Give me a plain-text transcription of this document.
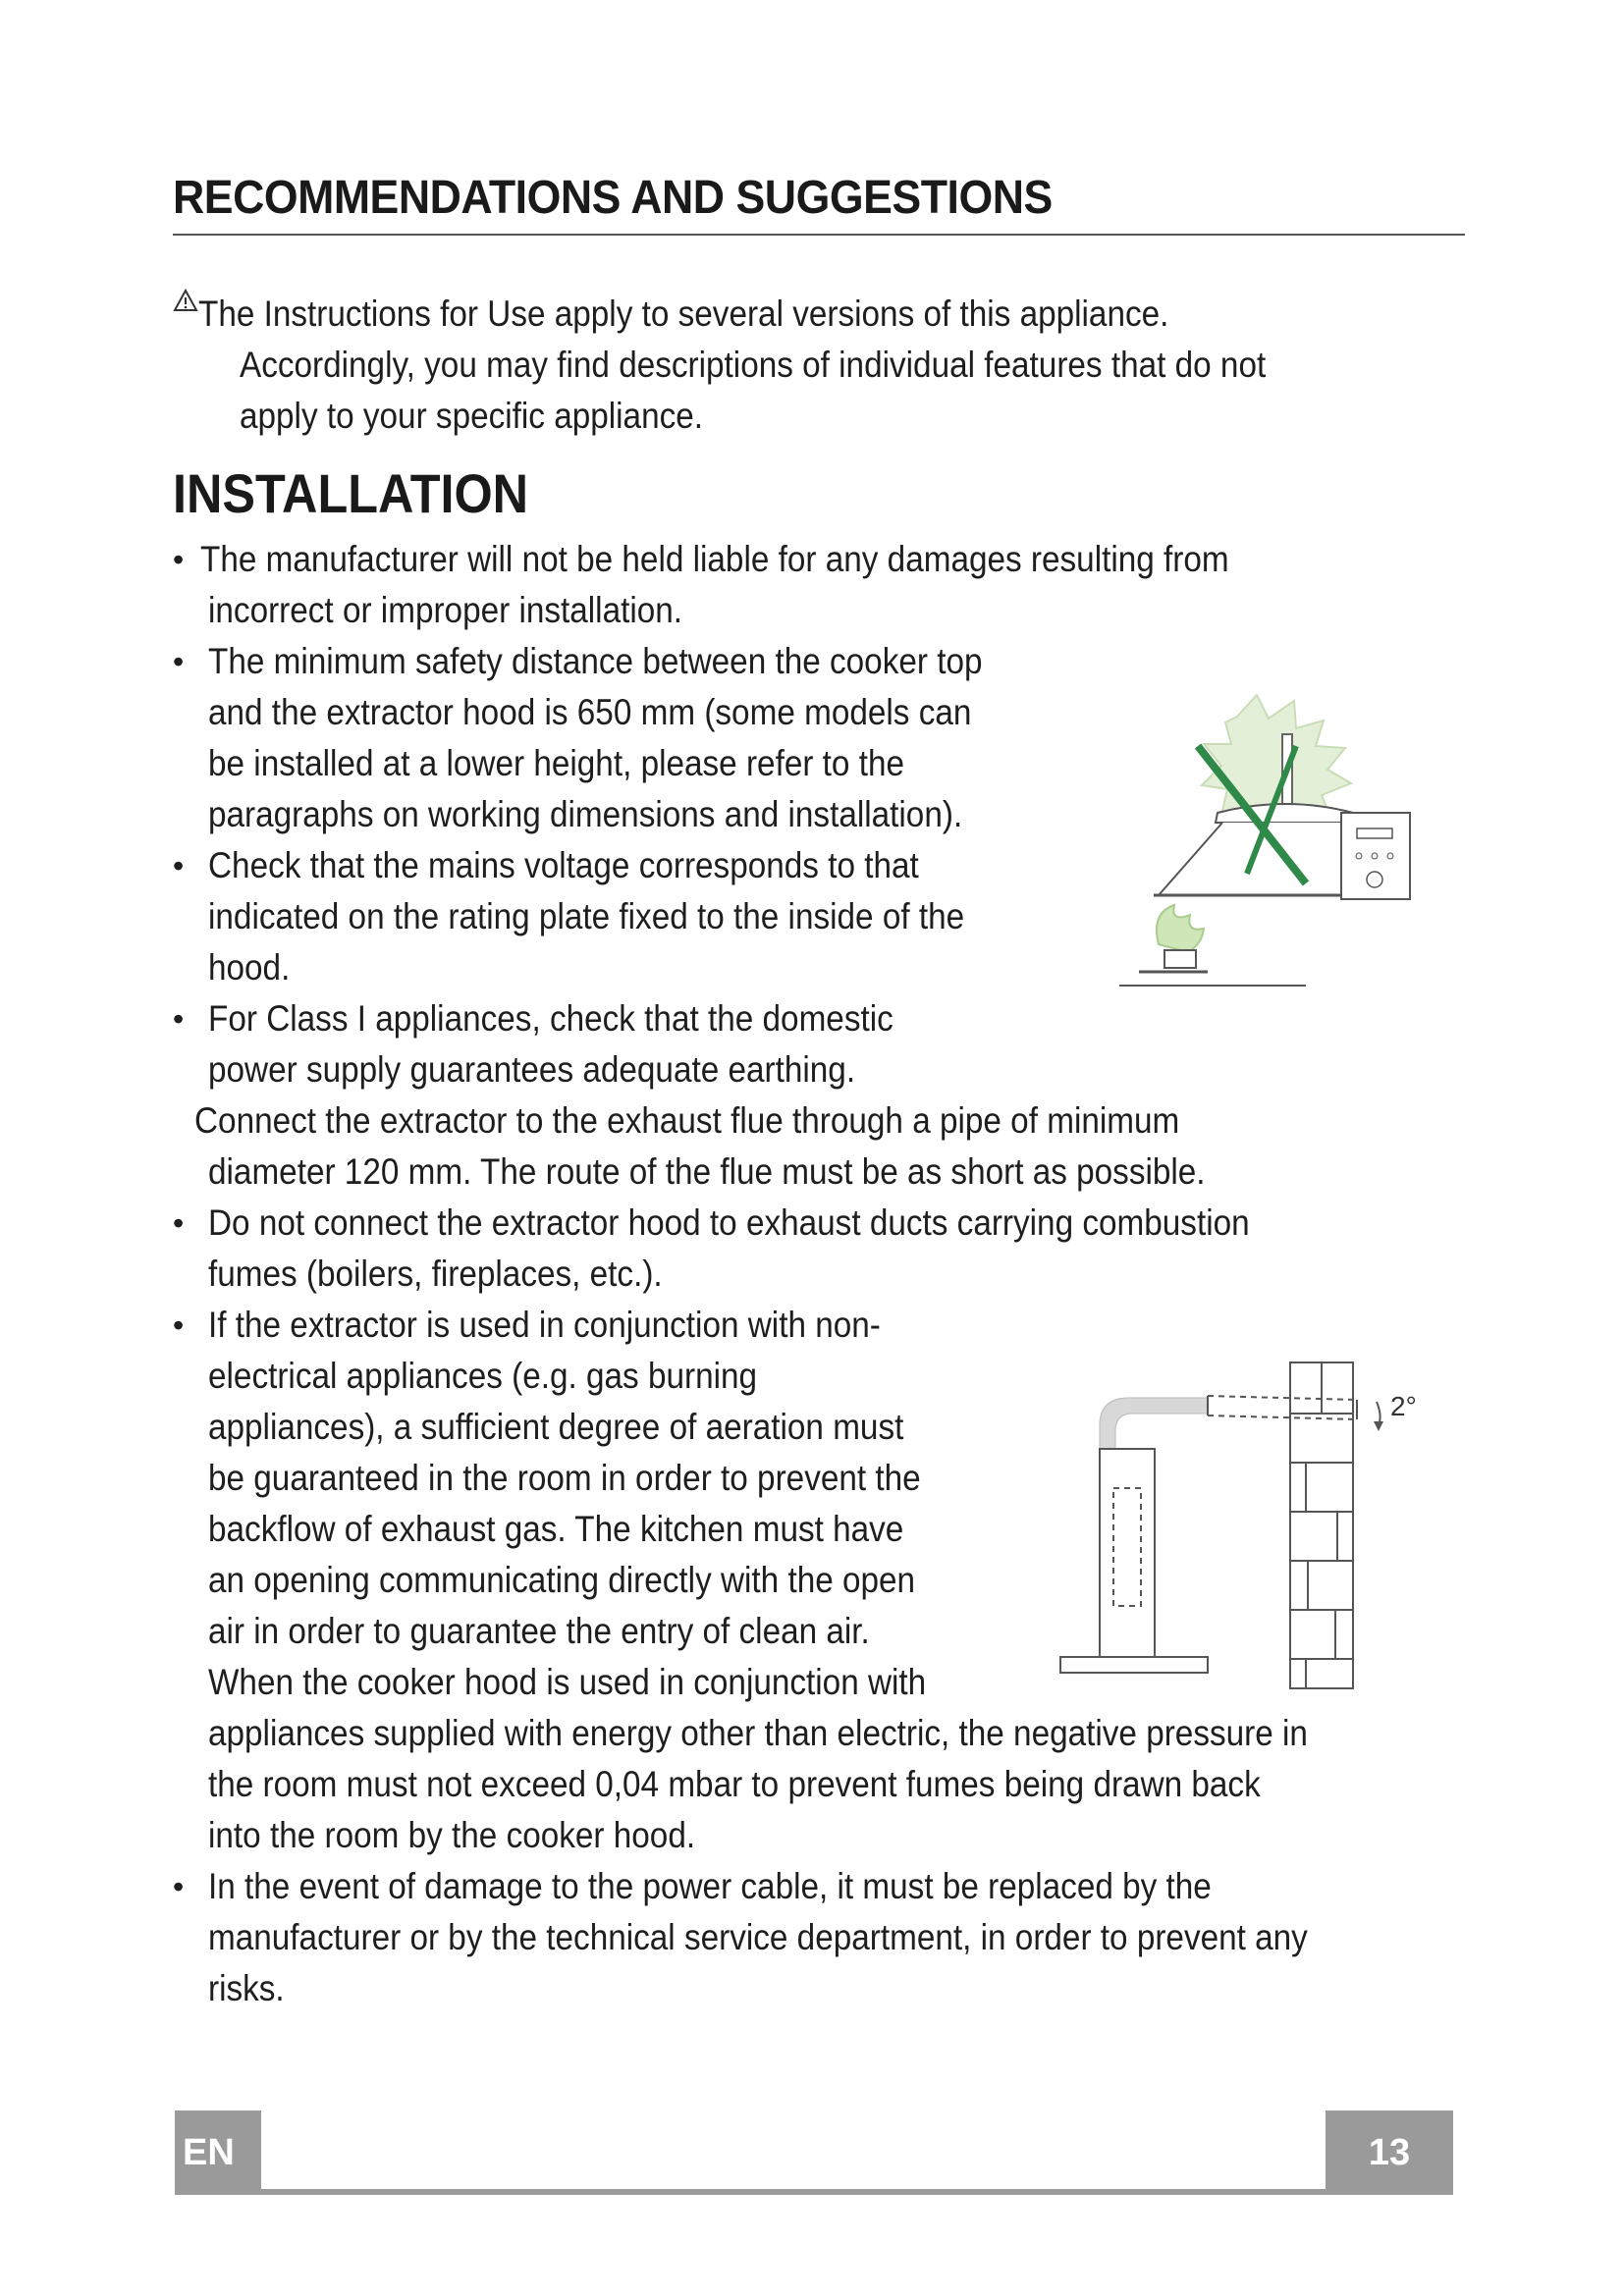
RECOMMENDATIONS AND SUGGESTIONS
The Instructions for Use apply to several versions of this appliance.
Accordingly, you may find descriptions of individual features that do not
apply to your specific appliance.
INSTALLATION
• The manufacturer will not be held liable for any damages resulting from
incorrect or improper installation.
• The minimum safety distance between the cooker top
and the extractor hood is 650 mm (some models can
be installed at a lower height, please refer to the
paragraphs on working dimensions and installation).
• Check that the mains voltage corresponds to that
indicated on the rating plate fixed to the inside of the
hood.
• For Class I appliances, check that the domestic
power supply guarantees adequate earthing.
Connect the extractor to the exhaust flue through a pipe of minimum
diameter 120 mm. The route of the flue must be as short as possible.
• Do not connect the extractor hood to exhaust ducts carrying combustion
fumes (boilers, fireplaces, etc.).
• If the extractor is used in conjunction with non-
electrical appliances (e.g. gas burning
appliances), a sufficient degree of aeration must
be guaranteed in the room in order to prevent the
backflow of exhaust gas. The kitchen must have
an opening communicating directly with the open
air in order to guarantee the entry of clean air.
When the cooker hood is used in conjunction with
appliances supplied with energy other than electric, the negative pressure in
the room must not exceed 0,04 mbar to prevent fumes being drawn back
into the room by the cooker hood.
• In the event of damage to the power cable, it must be replaced by the
manufacturer or by the technical service department, in order to prevent any
risks.
2°
EN	13
